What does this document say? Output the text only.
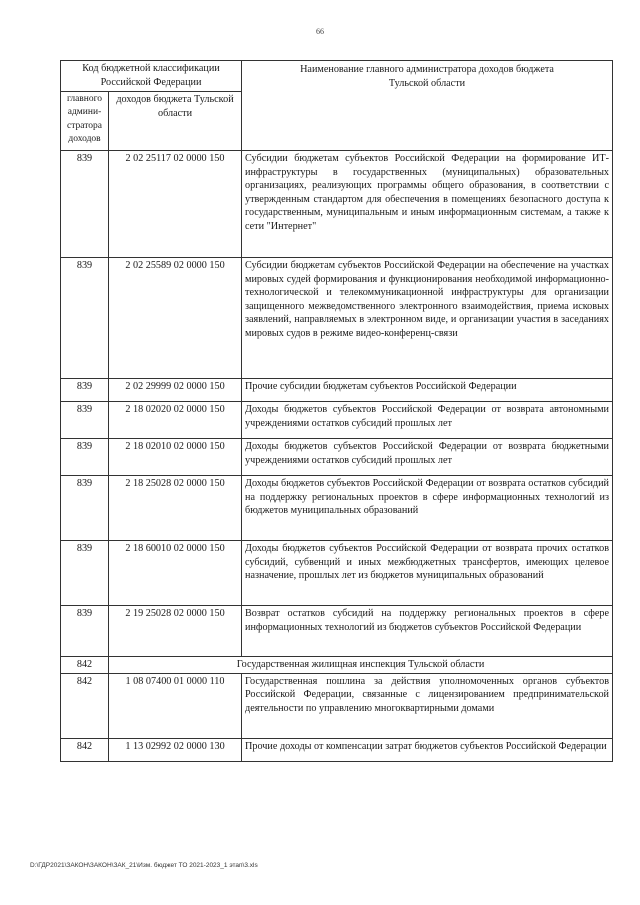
66
Код бюджетной классификации Российской Федерации		Наименование главного администратора доходов бюджета Тульской области

главного админи-стратора доходов	доходов бюджета Тульской области	
839	2 02 25117 02 0000 150	Субсидии бюджетам субъектов Российской Федерации на формирование ИТ-инфраструктуры в государственных (муниципальных) образовательных организациях, реализующих программы общего образования, в соответствии с утвержденным стандартом для обеспечения в помещениях безопасного доступа к государственным, муниципальным и иным информационным системам, а также к сети "Интернет"
839	2 02 25589 02 0000 150	Субсидии бюджетам субъектов Российской Федерации на обеспечение на участках мировых судей формирования и функционирования необходимой информационно-технологической и телекоммуникационной инфраструктуры для организации защищенного межведомственного электронного взаимодействия, приема исковых заявлений, направляемых в электронном виде, и организации участия в заседаниях мировых судов в режиме видео-конференц-связи
839	2 02 29999 02 0000 150	Прочие субсидии бюджетам субъектов Российской Федерации
839	2 18 02020 02 0000 150	Доходы бюджетов субъектов Российской Федерации от возврата автономными учреждениями остатков субсидий прошлых лет
839	2 18 02010 02 0000 150	Доходы бюджетов субъектов Российской Федерации от возврата бюджетными учреждениями остатков субсидий прошлых лет
839	2 18 25028 02 0000 150	Доходы бюджетов субъектов Российской Федерации от возврата остатков субсидий на поддержку региональных проектов в сфере информационных технологий из бюджетов муниципальных образований
839	2 18 60010 02 0000 150	Доходы бюджетов субъектов Российской Федерации от возврата прочих остатков субсидий, субвенций и иных межбюджетных трансфертов, имеющих целевое назначение, прошлых лет из бюджетов муниципальных образований
839	2 19 25028 02 0000 150	Возврат остатков субсидий на поддержку региональных проектов в сфере информационных технологий из бюджетов субъектов Российской Федерации
842	Государственная жилищная инспекция Тульской области	
842	1 08 07400 01 0000 110	Государственная пошлина за действия уполномоченных органов субъектов Российской Федерации, связанные с лицензированием предпринимательской деятельности по управлению многоквартирными домами
842	1 13 02992 02 0000 130	Прочие доходы от компенсации затрат бюджетов субъектов Российской Федерации
D:\ГДР2021\ЗАКОН\ЗАКОН\ЗАК_21\Изм. бюджет ТО 2021-2023_1 этап\3.xls
